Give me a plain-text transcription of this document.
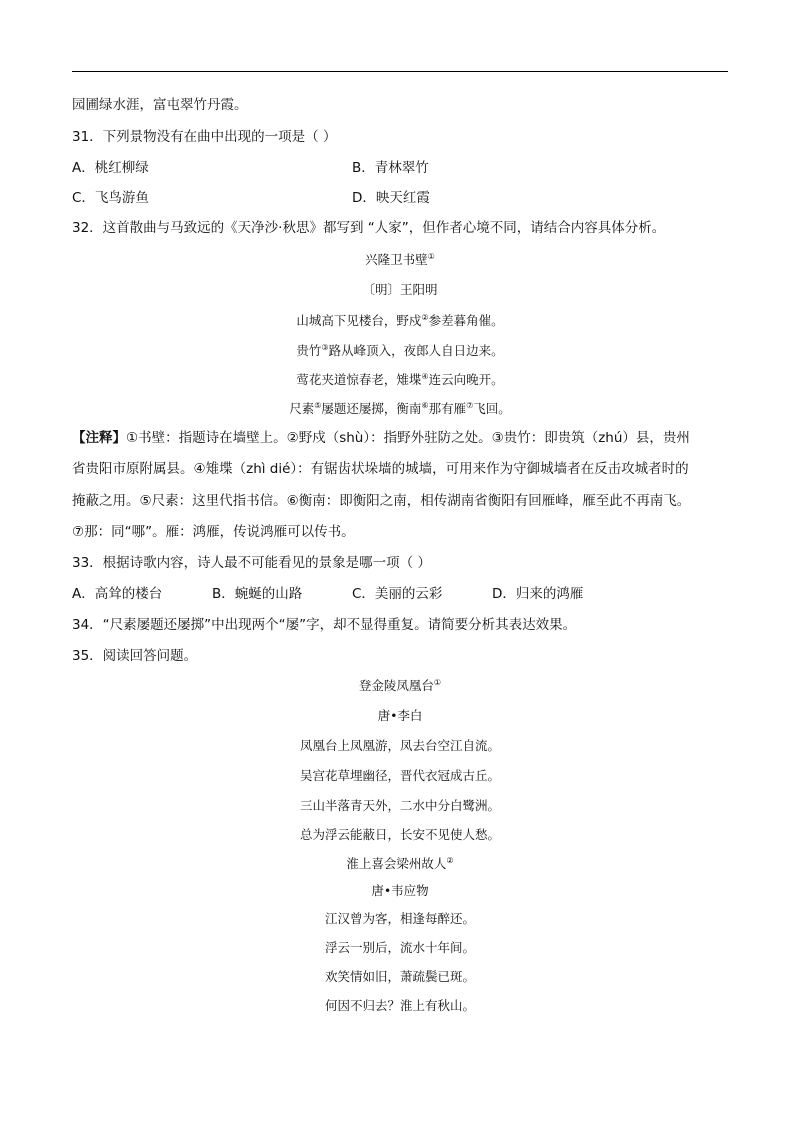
园圃绿水涯，富屯翠竹丹霞。
31．下列景物没有在曲中出现的一项是（ ）
A．桃红柳绿	B．青林翠竹
C．飞鸟游鱼	D．映天红霞
32．这首散曲与马致远的《天净沙·秋思》都写到 “人家”，但作者心境不同，请结合内容具体分析。
兴隆卫书壁①
〔明〕王阳明
山城高下见楼台，野戍②参差暮角催。
贵竹③路从峰顶入，夜郎人自日边来。
莺花夹道惊春老，雉堞④连云向晚开。
尺素⑤屡题还屡掷，衡南⑥那有雁⑦飞回。
【注释】①书壁：指题诗在墙壁上。②野戍（shù）：指野外驻防之处。③贵竹：即贵筑（zhú）县，贵州
省贵阳市原附属县。④雉堞（zhì dié）：有锯齿状垛墙的城墙，可用来作为守御城墙者在反击攻城者时的
掩蔽之用。⑤尺素：这里代指书信。⑥衡南：即衡阳之南，相传湖南省衡阳有回雁峰，雁至此不再南飞。
⑦那：同“哪”。雁：鸿雁，传说鸿雁可以传书。
33．根据诗歌内容，诗人最不可能看见的景象是哪一项（ ）
A．高耸的楼台	B．蜿蜒的山路	C．美丽的云彩	D．归来的鸿雁
34．“尺素屡题还屡掷”中出现两个“屡”字，却不显得重复。请简要分析其表达效果。
35．阅读回答问题。
登金陵凤凰台①
唐•李白
凤凰台上凤凰游，凤去台空江自流。
吴宫花草埋幽径，晋代衣冠成古丘。
三山半落青天外，二水中分白鹭洲。
总为浮云能蔽日，长安不见使人愁。
淮上喜会梁州故人②
唐•韦应物
江汉曾为客，相逢每醉还。
浮云一别后，流水十年间。
欢笑情如旧，萧疏鬓已斑。
何因不归去？淮上有秋山。
